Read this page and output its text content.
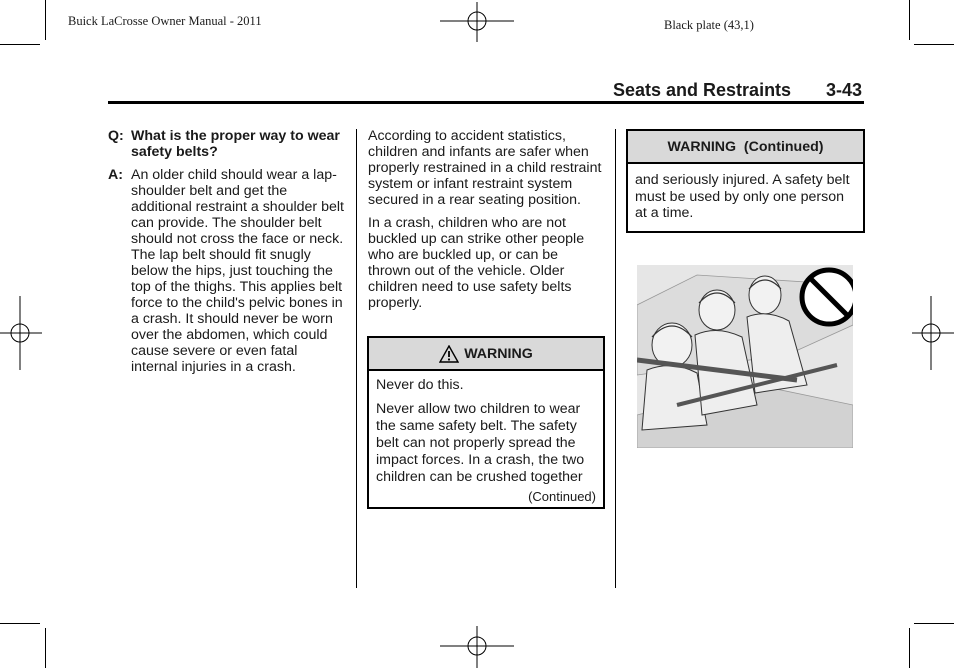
Buick LaCrosse Owner Manual - 2011	Black plate (43,1)
Seats and Restraints 3-43
Q: What is the proper way to wear safety belts?
A: An older child should wear a lap-shoulder belt and get the additional restraint a shoulder belt can provide. The shoulder belt should not cross the face or neck. The lap belt should fit snugly below the hips, just touching the top of the thighs. This applies belt force to the child's pelvic bones in a crash. It should never be worn over the abdomen, which could cause severe or even fatal internal injuries in a crash.

According to accident statistics, children and infants are safer when properly restrained in a child restraint system or infant restraint system secured in a rear seating position.

In a crash, children who are not buckled up can strike other people who are buckled up, or can be thrown out of the vehicle. Older children need to use safety belts properly.

WARNING

Never do this.

Never allow two children to wear the same safety belt. The safety belt can not properly spread the impact forces. In a crash, the two children can be crushed together

(Continued)
WARNING  (Continued)

and seriously injured. A safety belt must be used by only one person at a time.
